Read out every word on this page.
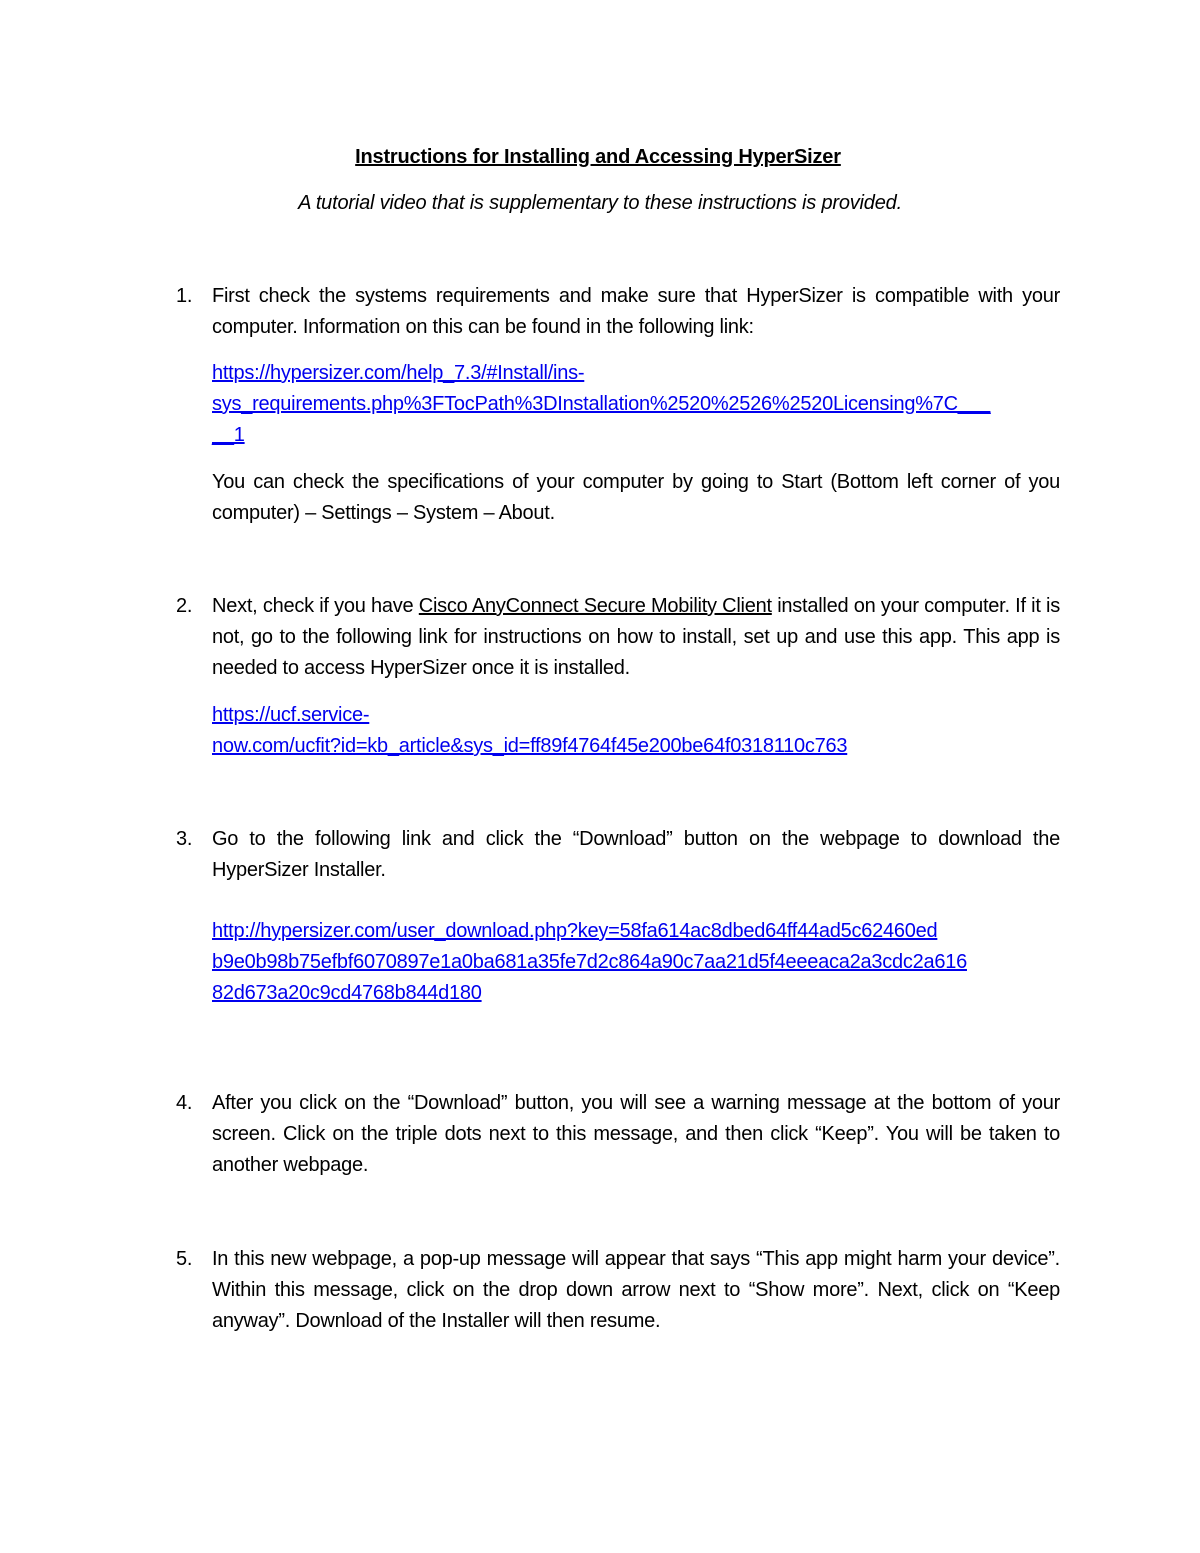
Instructions for Installing and Accessing HyperSizer
A tutorial video that is supplementary to these instructions is provided.
1. First check the systems requirements and make sure that HyperSizer is compatible with your computer. Information on this can be found in the following link:

https://hypersizer.com/help_7.3/#Install/ins-
sys_requirements.php%3FTocPath%3DInstallation%2520%2526%2520Licensing%7C___
__1

You can check the specifications of your computer by going to Start (Bottom left corner of you computer) – Settings – System – About.

2. Next, check if you have Cisco AnyConnect Secure Mobility Client installed on your computer. If it is not, go to the following link for instructions on how to install, set up and use this app. This app is needed to access HyperSizer once it is installed.

https://ucf.service-
now.com/ucfit?id=kb_article&sys_id=ff89f4764f45e200be64f0318110c763
3. Go to the following link and click the “Download” button on the webpage to download the HyperSizer Installer.

http://hypersizer.com/user_download.php?key=58fa614ac8dbed64ff44ad5c62460ed
b9e0b98b75efbf6070897e1a0ba681a35fe7d2c864a90c7aa21d5f4eeeaca2a3cdc2a616
82d673a20c9cd4768b844d180
4. After you click on the “Download” button, you will see a warning message at the bottom of your screen. Click on the triple dots next to this message, and then click “Keep”. You will be taken to another webpage.

5. In this new webpage, a pop-up message will appear that says “This app might harm your device”. Within this message, click on the drop down arrow next to “Show more”. Next, click on “Keep anyway”. Download of the Installer will then resume.
